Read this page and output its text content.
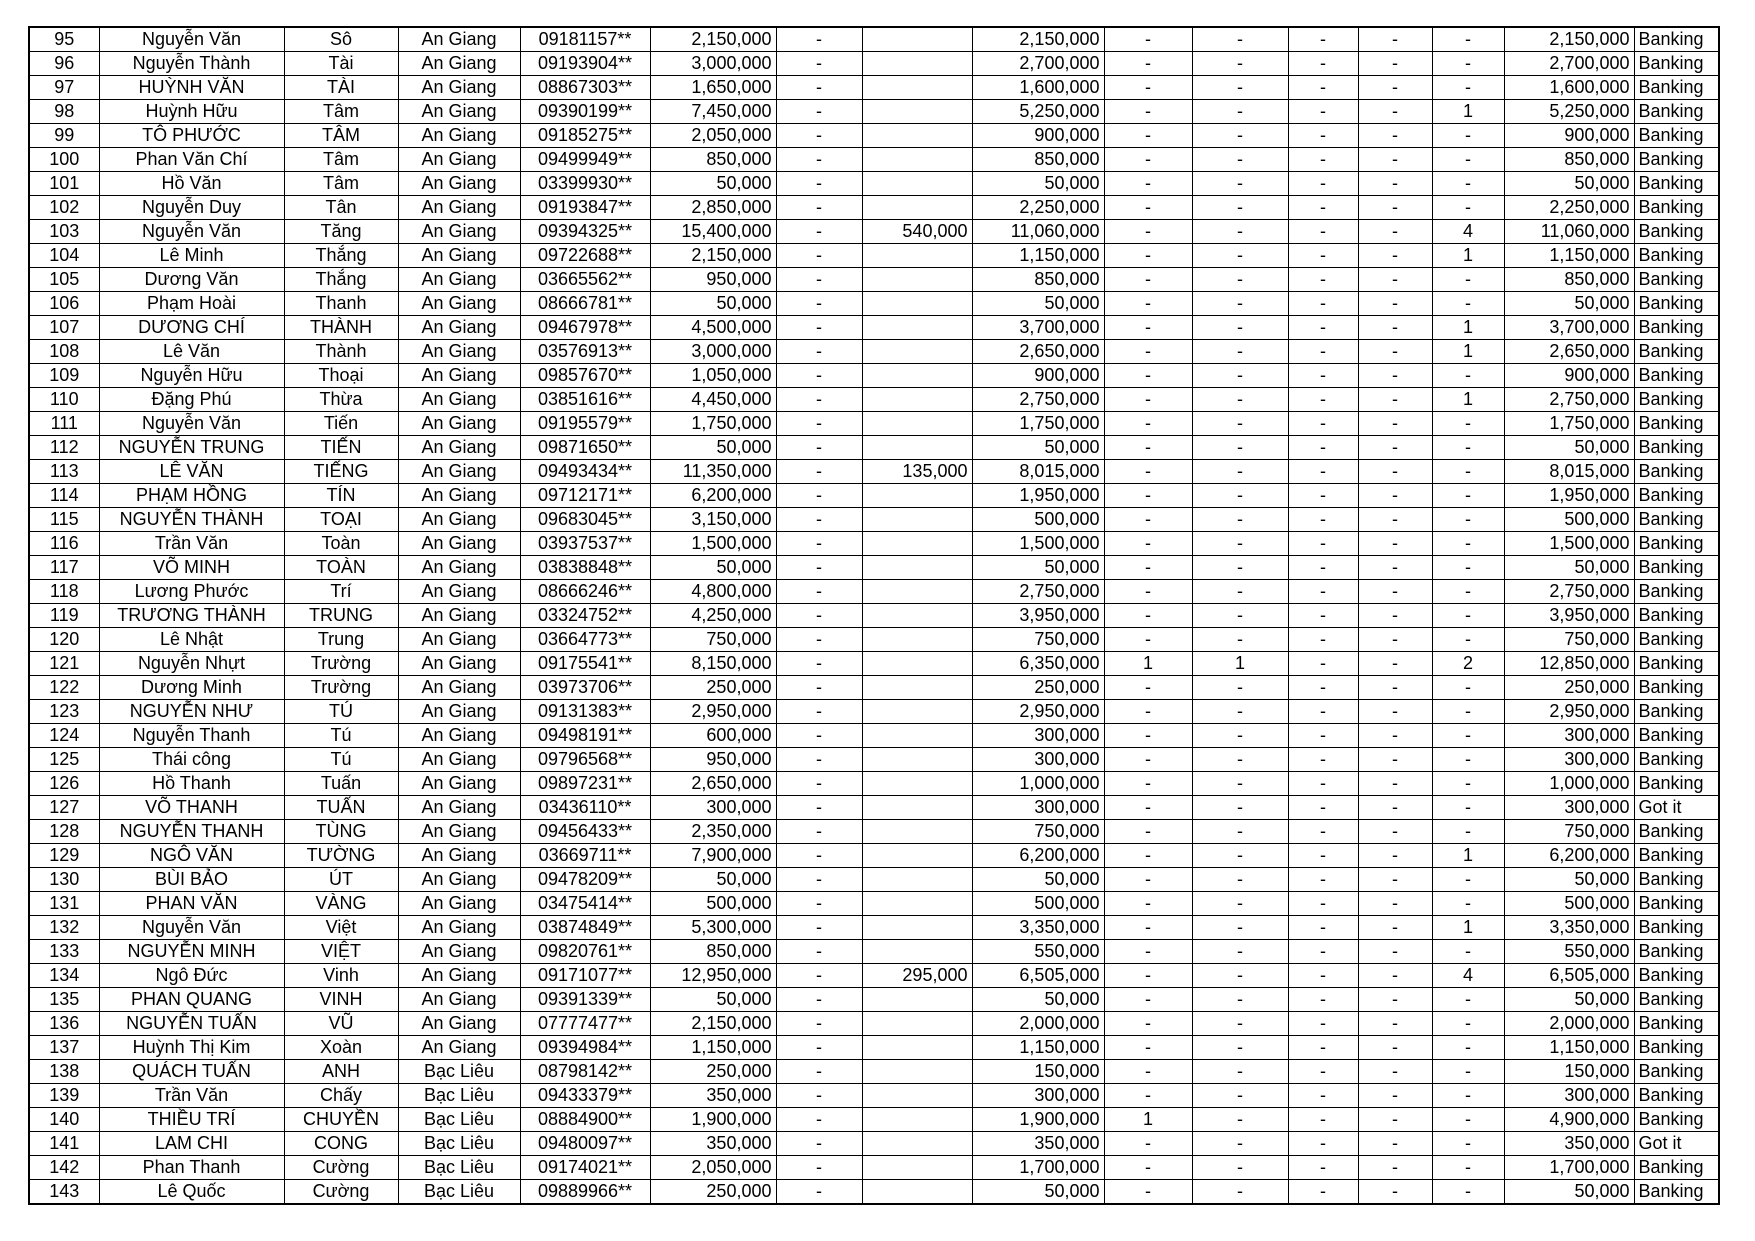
95	Nguyễn Văn	Sô	An Giang	09181157**	2,150,000	-		2,150,000	-	-	-	-	-	2,150,000	Banking
96	Nguyễn Thành	Tài	An Giang	09193904**	3,000,000	-		2,700,000	-	-	-	-	-	2,700,000	Banking
97	HUỲNH VĂN	TÀI	An Giang	08867303**	1,650,000	-		1,600,000	-	-	-	-	-	1,600,000	Banking
98	Huỳnh Hữu	Tâm	An Giang	09390199**	7,450,000	-		5,250,000	-	-	-	-	1	5,250,000	Banking
99	TÔ PHƯỚC	TÂM	An Giang	09185275**	2,050,000	-		900,000	-	-	-	-	-	900,000	Banking
100	Phan Văn Chí	Tâm	An Giang	09499949**	850,000	-		850,000	-	-	-	-	-	850,000	Banking
101	Hồ Văn	Tâm	An Giang	03399930**	50,000	-		50,000	-	-	-	-	-	50,000	Banking
102	Nguyễn Duy	Tân	An Giang	09193847**	2,850,000	-		2,250,000	-	-	-	-	-	2,250,000	Banking
103	Nguyễn Văn	Tăng	An Giang	09394325**	15,400,000	-	540,000	11,060,000	-	-	-	-	4	11,060,000	Banking
104	Lê Minh	Thắng	An Giang	09722688**	2,150,000	-		1,150,000	-	-	-	-	1	1,150,000	Banking
105	Dương Văn	Thắng	An Giang	03665562**	950,000	-		850,000	-	-	-	-	-	850,000	Banking
106	Phạm Hoài	Thanh	An Giang	08666781**	50,000	-		50,000	-	-	-	-	-	50,000	Banking
107	DƯƠNG CHÍ	THÀNH	An Giang	09467978**	4,500,000	-		3,700,000	-	-	-	-	1	3,700,000	Banking
108	Lê Văn	Thành	An Giang	03576913**	3,000,000	-		2,650,000	-	-	-	-	1	2,650,000	Banking
109	Nguyễn Hữu	Thoại	An Giang	09857670**	1,050,000	-		900,000	-	-	-	-	-	900,000	Banking
110	Đặng Phú	Thừa	An Giang	03851616**	4,450,000	-		2,750,000	-	-	-	-	1	2,750,000	Banking
111	Nguyễn Văn	Tiến	An Giang	09195579**	1,750,000	-		1,750,000	-	-	-	-	-	1,750,000	Banking
112	NGUYỄN TRUNG	TIẾN	An Giang	09871650**	50,000	-		50,000	-	-	-	-	-	50,000	Banking
113	LÊ VĂN	TIẾNG	An Giang	09493434**	11,350,000	-	135,000	8,015,000	-	-	-	-	-	8,015,000	Banking
114	PHẠM HỒNG	TÍN	An Giang	09712171**	6,200,000	-		1,950,000	-	-	-	-	-	1,950,000	Banking
115	NGUYỄN THÀNH	TOẠI	An Giang	09683045**	3,150,000	-		500,000	-	-	-	-	-	500,000	Banking
116	Trần Văn	Toàn	An Giang	03937537**	1,500,000	-		1,500,000	-	-	-	-	-	1,500,000	Banking
117	VÕ MINH	TOÀN	An Giang	03838848**	50,000	-		50,000	-	-	-	-	-	50,000	Banking
118	Lương Phước	Trí	An Giang	08666246**	4,800,000	-		2,750,000	-	-	-	-	-	2,750,000	Banking
119	TRƯƠNG THÀNH	TRUNG	An Giang	03324752**	4,250,000	-		3,950,000	-	-	-	-	-	3,950,000	Banking
120	Lê Nhật	Trung	An Giang	03664773**	750,000	-		750,000	-	-	-	-	-	750,000	Banking
121	Nguyễn Nhựt	Trường	An Giang	09175541**	8,150,000	-		6,350,000	1	1	-	-	2	12,850,000	Banking
122	Dương Minh	Trường	An Giang	03973706**	250,000	-		250,000	-	-	-	-	-	250,000	Banking
123	NGUYỄN NHƯ	TÚ	An Giang	09131383**	2,950,000	-		2,950,000	-	-	-	-	-	2,950,000	Banking
124	Nguyễn Thanh	Tú	An Giang	09498191**	600,000	-		300,000	-	-	-	-	-	300,000	Banking
125	Thái công	Tú	An Giang	09796568**	950,000	-		300,000	-	-	-	-	-	300,000	Banking
126	Hồ Thanh	Tuấn	An Giang	09897231**	2,650,000	-		1,000,000	-	-	-	-	-	1,000,000	Banking
127	VÕ THANH	TUẤN	An Giang	03436110**	300,000	-		300,000	-	-	-	-	-	300,000	Got it
128	NGUYỄN THANH	TÙNG	An Giang	09456433**	2,350,000	-		750,000	-	-	-	-	-	750,000	Banking
129	NGÔ VĂN	TƯỜNG	An Giang	03669711**	7,900,000	-		6,200,000	-	-	-	-	1	6,200,000	Banking
130	BÙI BẢO	ÚT	An Giang	09478209**	50,000	-		50,000	-	-	-	-	-	50,000	Banking
131	PHAN VĂN	VÀNG	An Giang	03475414**	500,000	-		500,000	-	-	-	-	-	500,000	Banking
132	Nguyễn Văn	Việt	An Giang	03874849**	5,300,000	-		3,350,000	-	-	-	-	1	3,350,000	Banking
133	NGUYỄN MINH	VIỆT	An Giang	09820761**	850,000	-		550,000	-	-	-	-	-	550,000	Banking
134	Ngô Đức	Vinh	An Giang	09171077**	12,950,000	-	295,000	6,505,000	-	-	-	-	4	6,505,000	Banking
135	PHAN QUANG	VINH	An Giang	09391339**	50,000	-		50,000	-	-	-	-	-	50,000	Banking
136	NGUYỄN TUẤN	VŨ	An Giang	07777477**	2,150,000	-		2,000,000	-	-	-	-	-	2,000,000	Banking
137	Huỳnh Thị Kim	Xoàn	An Giang	09394984**	1,150,000	-		1,150,000	-	-	-	-	-	1,150,000	Banking
138	QUÁCH TUẤN	ANH	Bạc Liêu	08798142**	250,000	-		150,000	-	-	-	-	-	150,000	Banking
139	Trần Văn	Chấy	Bạc Liêu	09433379**	350,000	-		300,000	-	-	-	-	-	300,000	Banking
140	THIỀU TRÍ	CHUYỀN	Bạc Liêu	08884900**	1,900,000	-		1,900,000	1	-	-	-	-	4,900,000	Banking
141	LAM CHI	CONG	Bạc Liêu	09480097**	350,000	-		350,000	-	-	-	-	-	350,000	Got it
142	Phan Thanh	Cường	Bạc Liêu	09174021**	2,050,000	-		1,700,000	-	-	-	-	-	1,700,000	Banking
143	Lê Quốc	Cường	Bạc Liêu	09889966**	250,000	-		50,000	-	-	-	-	-	50,000	Banking
